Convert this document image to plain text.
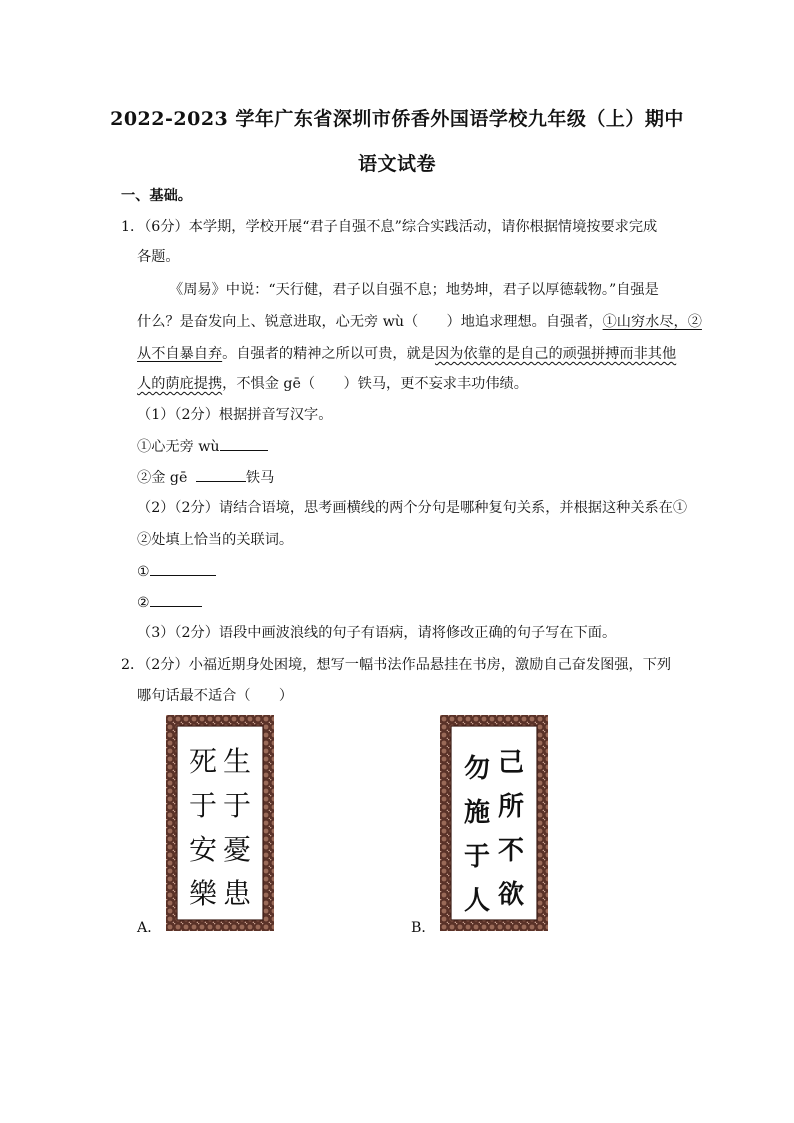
2022-2023 学年广东省深圳市侨香外国语学校九年级（上）期中
语文试卷
一、基础。
1．（6分）本学期，学校开展“君子自强不息”综合实践活动，请你根据情境按要求完成
各题。
《周易》中说：“天行健，君子以自强不息；地势坤，君子以厚德载物。”自强是
什么？是奋发向上、锐意进取，心无旁 wù（　　）地追求理想。自强者，①山穷水尽，②
从不自暴自弃。自强者的精神之所以可贵，就是因为依靠的是自己的顽强拼搏而非其他
人的荫庇提携，不惧金 gē（　　）铁马，更不妄求丰功伟绩。
（1）（2分）根据拼音写汉字。
①心无旁 wù
②金 gē	铁马
（2）（2分）请结合语境，思考画横线的两个分句是哪种复句关系，并根据这种关系在①
②处填上恰当的关联词。
①
②
（3）（2分）语段中画波浪线的句子有语病，请将修改正确的句子写在下面。
2．（2分）小福近期身处困境，想写一幅书法作品悬挂在书房，激励自己奋发图强，下列
哪句话最不适合（　　）
A．
生
于
憂
患
死
于
安
樂
B．
己
所
不
欲
勿
施
于
人
